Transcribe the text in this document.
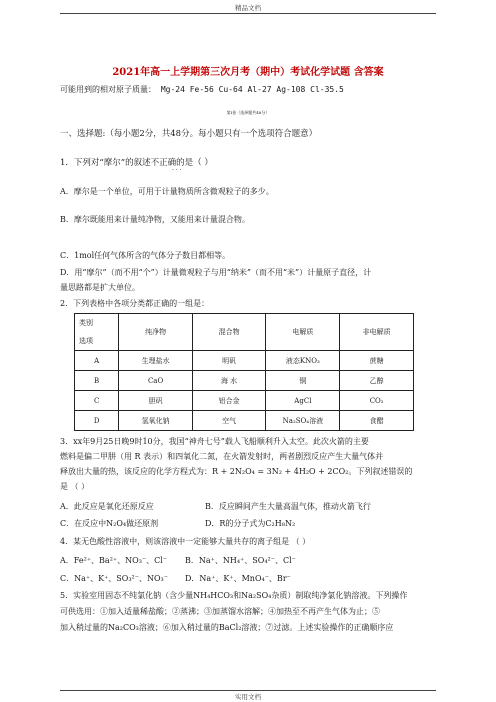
精品文档
2021年高一上学期第三次月考（期中）考试化学试题 含答案
可能用到的相对原子质量： Mg-24 Fe-56 Cu-64 Al-27 Ag-108 Cl-35.5
第Ⅰ卷（选择题共48分）
一、选择题:（每小题2分，共48分。每小题只有一个选项符合题意）
1．下列对“摩尔”的叙述不正确的是（ ）
· · ·
A．摩尔是一个单位，可用于计量物质所含微观粒子的多少。
B．摩尔既能用来计量纯净物，又能用来计量混合物。
C．1mol任何气体所含的气体分子数目都相等。
D．用“摩尔”（而不用“个”）计量微观粒子与用“纳米”（而不用“米”）计量原子直径，计
量思路都是扩大单位。
2．下列表格中各项分类都正确的一组是：
类别
选项	纯净物	混合物	电解质	非电解质
A	生理盐水	明矾	液态KNO₃	蔗糖
B	CaO	海 水	铜	乙醇
C	胆矾	铝合金	AgCl	CO₂
D	氢氧化钠	空气	Na₂SO₄溶液	食醋
3．xx年9月25日晚9时10分，我国“神舟七号”载人飞船顺利升入太空。此次火箭的主要
燃料是偏二甲肼（用 R 表示）和四氧化二氮，在火箭发射时，两者剧烈反应产生大量气体并
释放出大量的热，该反应的化学方程式为：R + 2N₂O₄ = 3N₂ + 4H₂O + 2CO₂。下列叙述错误的
是 （ ）
A．此反应是氧化还原反应	B．反应瞬间产生大量高温气体，推动火箭飞行
C．在反应中N₂O₄做还原剂	D．R的分子式为C₂H₈N₂
4．某无色酸性溶液中，则该溶液中一定能够大量共存的离子组是 （ ）
A．Fe²⁺、Ba²⁺、NO₃⁻、Cl⁻ B．Na⁺、NH₄⁺、SO₄²⁻、Cl⁻
C．Na⁺、K⁺、SO₃²⁻、NO₃⁻ D．Na⁺、K⁺、MnO₄⁻、Br⁻
5．实验室用固态不纯氯化钠（含少量NH₄HCO₃和Na₂SO₄杂质）制取纯净氯化钠溶液。下列操作
可供选用：①加入适量稀盐酸；②蒸沸；③加蒸馏水溶解；④加热至不再产生气体为止；⑤
加入稍过量的Na₂CO₃溶液；⑥加入稍过量的BaCl₂溶液；⑦过滤。上述实验操作的正确顺序应
实用文档
